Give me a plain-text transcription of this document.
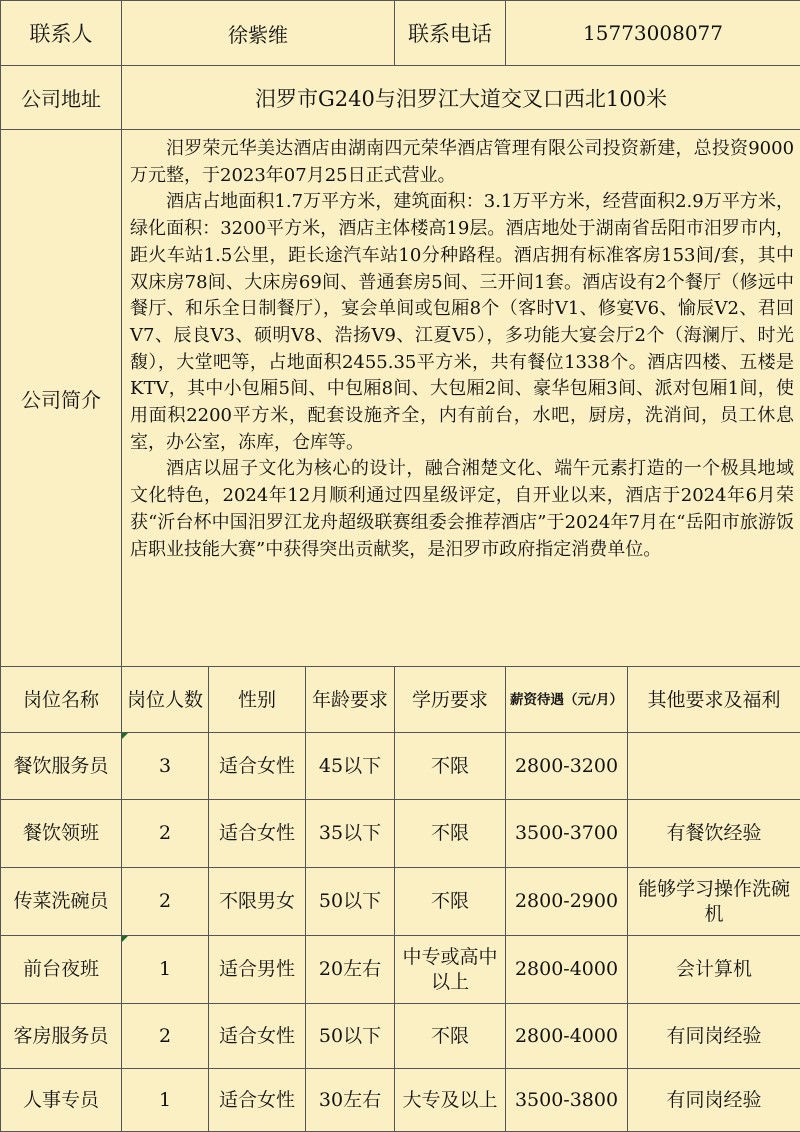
联系人	徐紫维			联系电话	15773008077	
公司地址	汨罗市G240与汨罗江大道交叉口西北100米					
公司简介	汨罗荣元华美达酒店由湖南四元荣华酒店管理有限公司投资新建，总投资9000万元整，于2023年07月25日正式营业。

酒店占地面积1.7万平方米，建筑面积：3.1万平方米，经营面积2.9万平方米，绿化面积：3200平方米，酒店主体楼高19层。酒店地处于湖南省岳阳市汨罗市内，距火车站1.5公里，距长途汽车站10分种路程。酒店拥有标准客房153间/套，其中双床房78间、大床房69间、普通套房5间、三开间1套。酒店设有2个餐厅（修远中餐厅、和乐全日制餐厅），宴会单间或包厢8个（客时V1、修宴V6、愉辰V2、君回V7、辰良V3、硕明V8、浩扬V9、江夏V5），多功能大宴会厅2个（海澜厅、时光馥），大堂吧等，占地面积2455.35平方米，共有餐位1338个。酒店四楼、五楼是KTV，其中小包厢5间、中包厢8间、大包厢2间、豪华包厢3间、派对包厢1间，使用面积2200平方米，配套设施齐全，内有前台，水吧，厨房，洗消间，员工休息室，办公室，冻库，仓库等。

酒店以屈子文化为核心的设计，融合湘楚文化、端午元素打造的一个极具地域文化特色，2024年12月顺利通过四星级评定，自开业以来，酒店于2024年6月荣获“沂台杯中国汨罗江龙舟超级联赛组委会推荐酒店”于2024年7月在“岳阳市旅游饭店职业技能大赛”中获得突出贡献奖，是汨罗市政府指定消费单位。					

岗位名称	岗位人数	性别	年龄要求	学历要求	薪资待遇（元/月）	其他要求及福利
餐饮服务员	3	适合女性	45以下	不限	2800-3200	
餐饮领班	2	适合女性	35以下	不限	3500-3700	有餐饮经验
传菜洗碗员	2	不限男女	50以下	不限	2800-2900	能够学习操作洗碗机
前台夜班	1	适合男性	20左右	中专或高中以上	2800-4000	会计算机
客房服务员	2	适合女性	50以下	不限	2800-4000	有同岗经验
人事专员	1	适合女性	30左右	大专及以上	3500-3800	有同岗经验
